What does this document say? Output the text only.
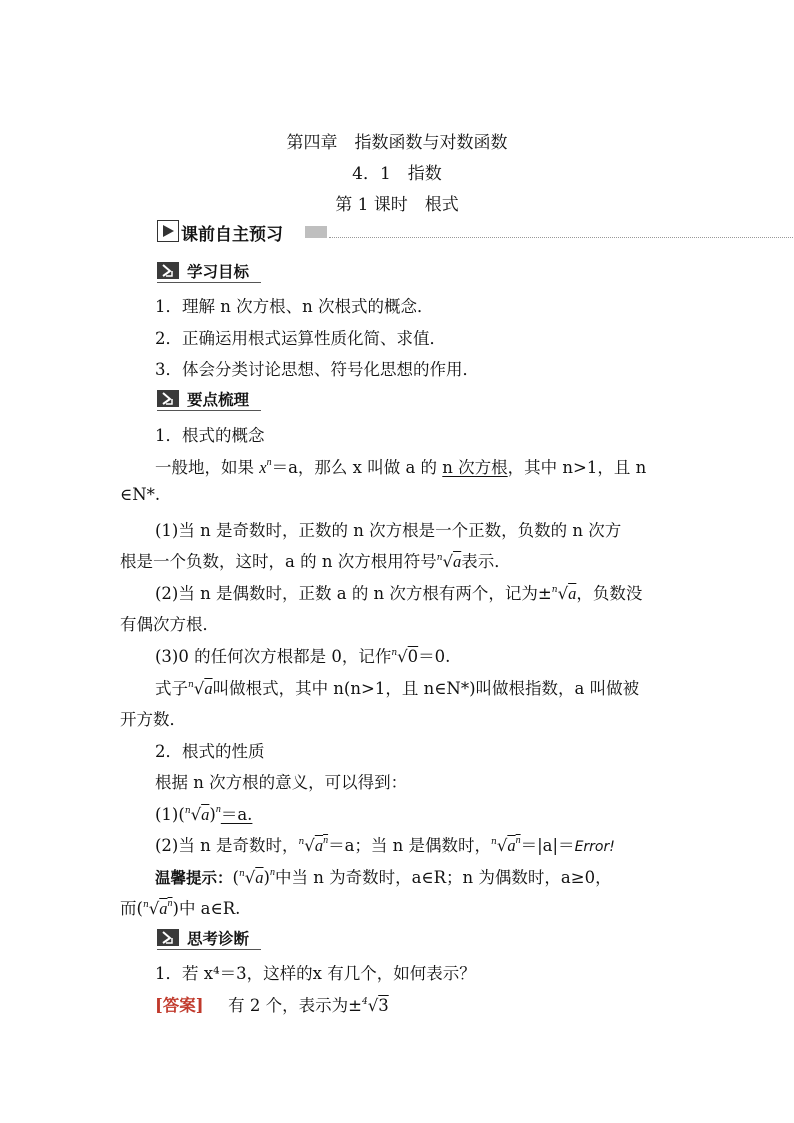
第四章　指数函数与对数函数
4．1　指数
第 1 课时　根式
课前自主预习
学习目标
1．理解 n 次方根、n 次根式的概念．
2．正确运用根式运算性质化简、求值．
3．体会分类讨论思想、符号化思想的作用．
要点梳理
1．根式的概念
一般地，如果 $x^n=a$，那么 x 叫做 a 的 n 次方根，其中 n>1，且 n
∈N*.
(1)当 n 是奇数时，正数的 n 次方根是一个正数，负数的 n 次方
根是一个负数，这时，a 的 n 次方根用符号$^n$√a表示．
(2)当 n 是偶数时，正数 a 的 n 次方根有两个，记为±$^n$√a，负数没
有偶次方根．
(3)0 的任何次方根都是 0，记作$^n$√0＝0.
式子$^n$√a叫做根式，其中 n(n>1，且 n∈N*)叫做根指数，a 叫做被
开方数．
2．根式的性质
根据 n 次方根的意义，可以得到：
$(1)(^n√a)^n=a$.
(2)当 n 是奇数时，$^n√a^n=a$；当 n 是偶数时，$^n√a^n=|a|=Error$!
温馨提示：$(^n√a)^n$中当 n 为奇数时，a∈R；n 为偶数时，a≥0，
而$(^n√a^n)$中 a∈R.
思考诊断
1．若 x⁴＝3，这样的x 有几个，如何表示？
[答案] 有 2 个，表示为±$^4$√3
